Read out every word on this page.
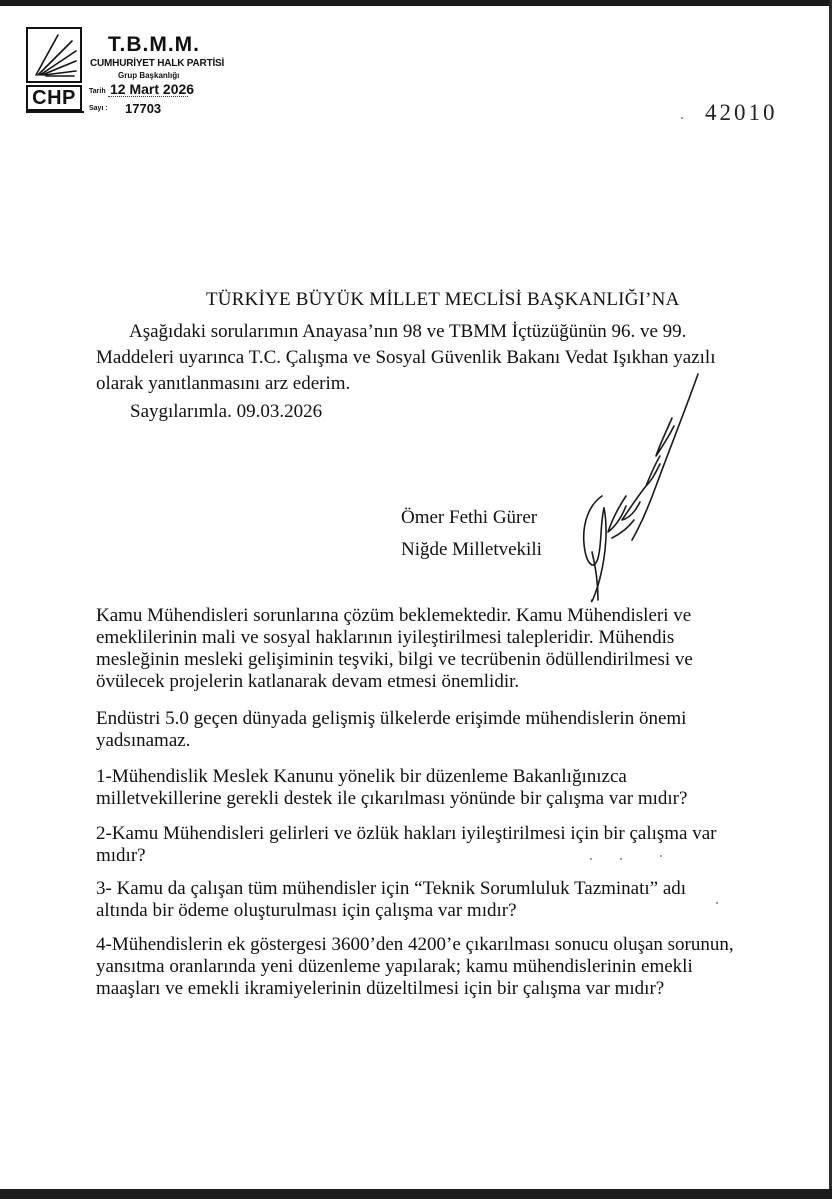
CHP
T.B.M.M.
CUMHURİYET HALK PARTİSİ
Grup Başkanlığı
Tarih 12 Mart 2026
Sayı : 17703	42010
TÜRKİYE BÜYÜK MİLLET MECLİSİ BAŞKANLIĞI’NA
Aşağıdaki sorularımın Anayasa’nın 98 ve TBMM İçtüzüğünün 96. ve 99. Maddeleri uyarınca T.C. Çalışma ve Sosyal Güvenlik Bakanı Vedat Işıkhan yazılı olarak yanıtlanmasını arz ederim.
Saygılarımla. 09.03.2026
Ömer Fethi Gürer
Niğde Milletvekili
Kamu Mühendisleri sorunlarına çözüm beklemektedir. Kamu Mühendisleri ve emeklilerinin mali ve sosyal haklarının iyileştirilmesi talepleridir. Mühendis mesleğinin mesleki gelişiminin teşviki, bilgi ve tecrübenin ödüllendirilmesi ve övülecek projelerin katlanarak devam etmesi önemlidir.
Endüstri 5.0 geçen dünyada gelişmiş ülkelerde erişimde mühendislerin önemi yadsınamaz.
1-Mühendislik Meslek Kanunu yönelik bir düzenleme Bakanlığınızca milletvekillerine gerekli destek ile çıkarılması yönünde bir çalışma var mıdır?
2-Kamu Mühendisleri gelirleri ve özlük hakları iyileştirilmesi için bir çalışma var mıdır?
3- Kamu da çalışan tüm mühendisler için “Teknik Sorumluluk Tazminatı” adı altında bir ödeme oluşturulması için çalışma var mıdır?
4-Mühendislerin ek göstergesi 3600’den 4200’e çıkarılması sonucu oluşan sorunun, yansıtma oranlarında yeni düzenleme yapılarak; kamu mühendislerinin emekli maaşları ve emekli ikramiyelerinin düzeltilmesi için bir çalışma var mıdır?
